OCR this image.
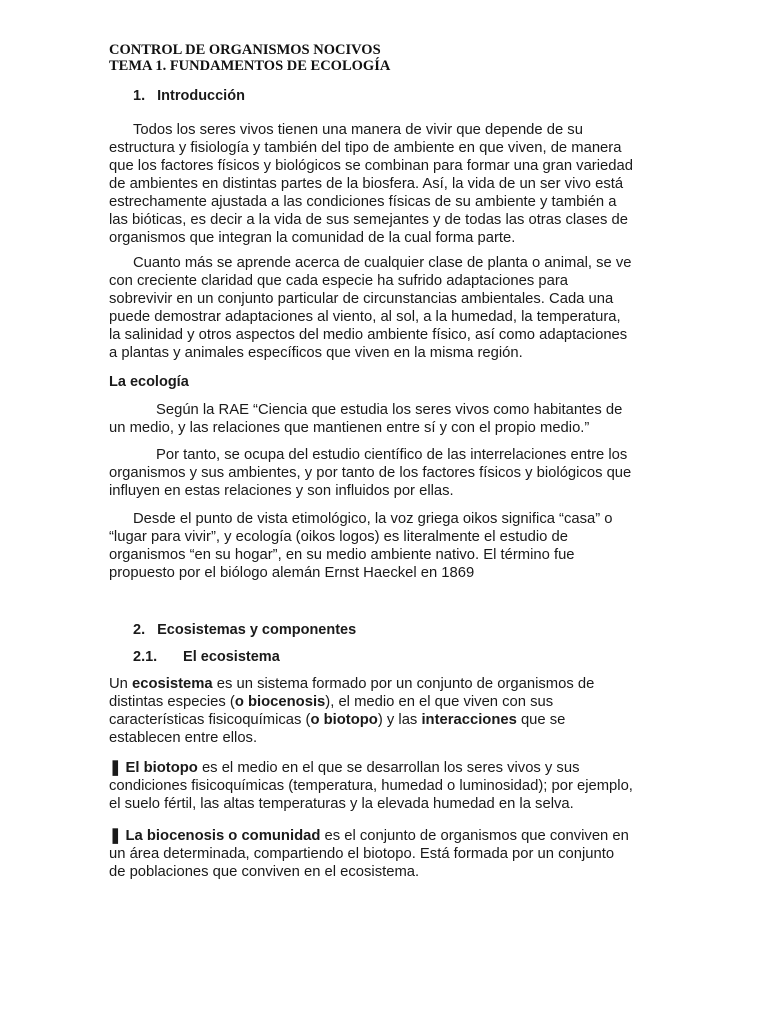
CONTROL DE ORGANISMOS NOCIVOS
TEMA 1. FUNDAMENTOS DE ECOLOGÍA
1. Introducción
Todos los seres vivos tienen una manera de vivir que depende de su
estructura y fisiología y también del tipo de ambiente en que viven, de manera
que los factores físicos y biológicos se combinan para formar una gran variedad
de ambientes en distintas partes de la biosfera. Así, la vida de un ser vivo está
estrechamente ajustada a las condiciones físicas de su ambiente y también a
las bióticas, es decir a la vida de sus semejantes y de todas las otras clases de
organismos que integran la comunidad de la cual forma parte.
Cuanto más se aprende acerca de cualquier clase de planta o animal, se ve
con creciente claridad que cada especie ha sufrido adaptaciones para
sobrevivir en un conjunto particular de circunstancias ambientales. Cada una
puede demostrar adaptaciones al viento, al sol, a la humedad, la temperatura,
la salinidad y otros aspectos del medio ambiente físico, así como adaptaciones
a plantas y animales específicos que viven en la misma región.
La ecología
Según la RAE “Ciencia que estudia los seres vivos como habitantes de
un medio, y las relaciones que mantienen entre sí y con el propio medio.”
Por tanto, se ocupa del estudio científico de las interrelaciones entre los
organismos y sus ambientes, y por tanto de los factores físicos y biológicos que
influyen en estas relaciones y son influidos por ellas.
Desde el punto de vista etimológico, la voz griega oikos significa “casa” o
“lugar para vivir”, y ecología (oikos logos) es literalmente el estudio de
organismos “en su hogar”, en su medio ambiente nativo. El término fue
propuesto por el biólogo alemán Ernst Haeckel en 1869
2. Ecosistemas y componentes
2.1. El ecosistema
Un ecosistema es un sistema formado por un conjunto de organismos de
distintas especies (o biocenosis), el medio en el que viven con sus
características fisicoquímicas (o biotopo) y las interacciones que se
establecen entre ellos.
❚ El biotopo es el medio en el que se desarrollan los seres vivos y sus
condiciones fisicoquímicas (temperatura, humedad o luminosidad); por ejemplo,
el suelo fértil, las altas temperaturas y la elevada humedad en la selva.
❚ La biocenosis o comunidad es el conjunto de organismos que conviven en
un área determinada, compartiendo el biotopo. Está formada por un conjunto
de poblaciones que conviven en el ecosistema.
